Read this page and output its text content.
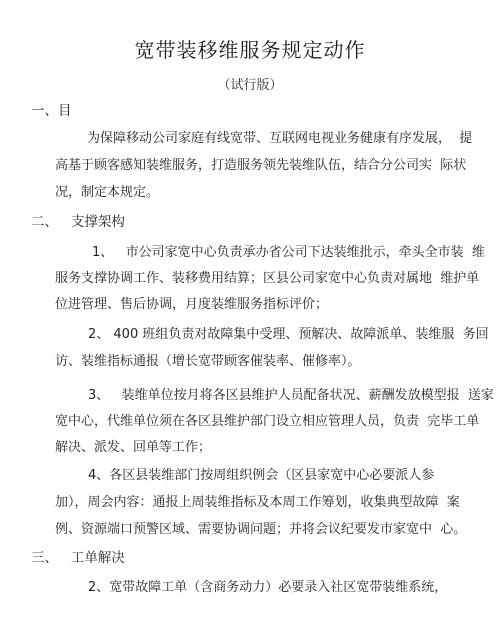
宽带装移维服务规定动作
（试行版）
一、目
为保障移动公司家庭有线宽带、互联网电视业务健康有序发展，  提
高基于顾客感知装维服务，打造服务领先装维队伍，结合分公司实  际状
况，制定本规定。
二、   支撑架构
1、   市公司家宽中心负责承办省公司下达装维批示，牵头全市装  维
服务支撑协调工作、装移费用结算；区县公司家宽中心负责对属地  维护单
位进管理、售后协调，月度装维服务指标评价；
2、 400 班组负责对故障集中受理、预解决、故障派单、装维服  务回
访、装维指标通报（增长宽带顾客催装率、催修率）。
3、   装维单位按月将各区县维护人员配备状况、薪酬发放模型报  送家
宽中心，代维单位须在各区县维护部门设立相应管理人员，负责  完毕工单
解决、派发、回单等工作；
4、各区县装维部门按周组织例会（区县家宽中心必要派人参
加），周会内容：通报上周装维指标及本周工作筹划，收集典型故障  案
例、资源端口预警区域、需要协调问题；并将会议纪要发市家宽中  心。
三、   工单解决
2、宽带故障工单（含商务动力）必要录入社区宽带装维系统，
